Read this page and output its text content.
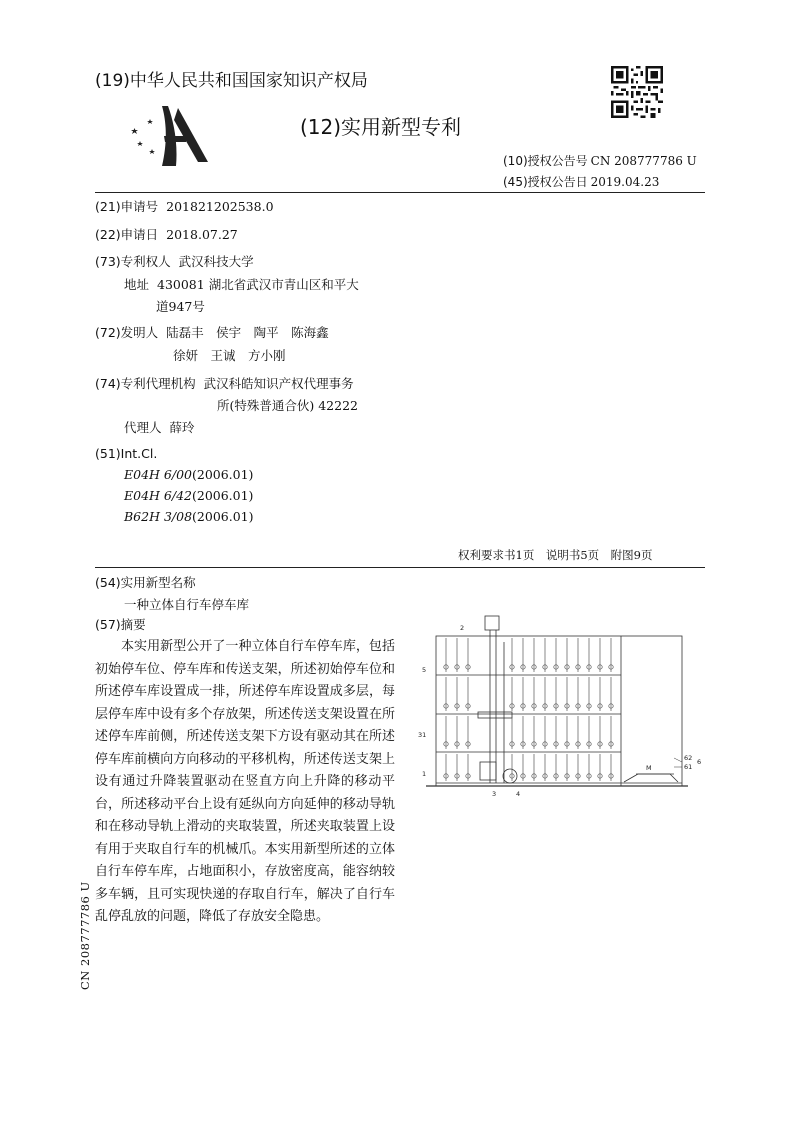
(19)中华人民共和国国家知识产权局
(12)实用新型专利
(10)授权公告号 CN 208777786 U
(45)授权公告日 2019.04.23
(21)申请号 201821202538.0
(22)申请日 2018.07.27
(73)专利权人 武汉科技大学
地址 430081 湖北省武汉市青山区和平大
道947号
(72)发明人 陆磊丰　侯宇　陶平　陈海鑫
徐妍　王诚　方小刚
(74)专利代理机构 武汉科皓知识产权代理事务
所(特殊普通合伙) 42222
代理人 薛玲
(51)Int.Cl.
E04H 6/00(2006.01)
E04H 6/42(2006.01)
B62H 3/08(2006.01)
权利要求书1页　说明书5页　附图9页
(54)实用新型名称
一种立体自行车停车库
(57)摘要
本实用新型公开了一种立体自行车停车库，包括初始停车位、停车库和传送支架，所述初始停车位和所述停车库设置成一排，所述停车库设置成多层，每层停车库中设有多个存放架，所述传送支架设置在所述停车库前侧，所述传送支架下方设有驱动其在所述停车库前横向方向移动的平移机构，所述传送支架上设有通过升降装置驱动在竖直方向上升降的移动平台，所述移动平台上设有延纵向方向延伸的移动导轨和在移动导轨上滑动的夹取装置，所述夹取装置上设有用于夹取自行车的机械爪。本实用新型所述的立体自行车停车库，占地面积小，存放密度高，能容纳较多车辆，且可实现快递的存取自行车，解决了自行车乱停乱放的问题，降低了存放安全隐患。
CN 208777786 U
2
5
31
1
3	4
62
61
6
M
